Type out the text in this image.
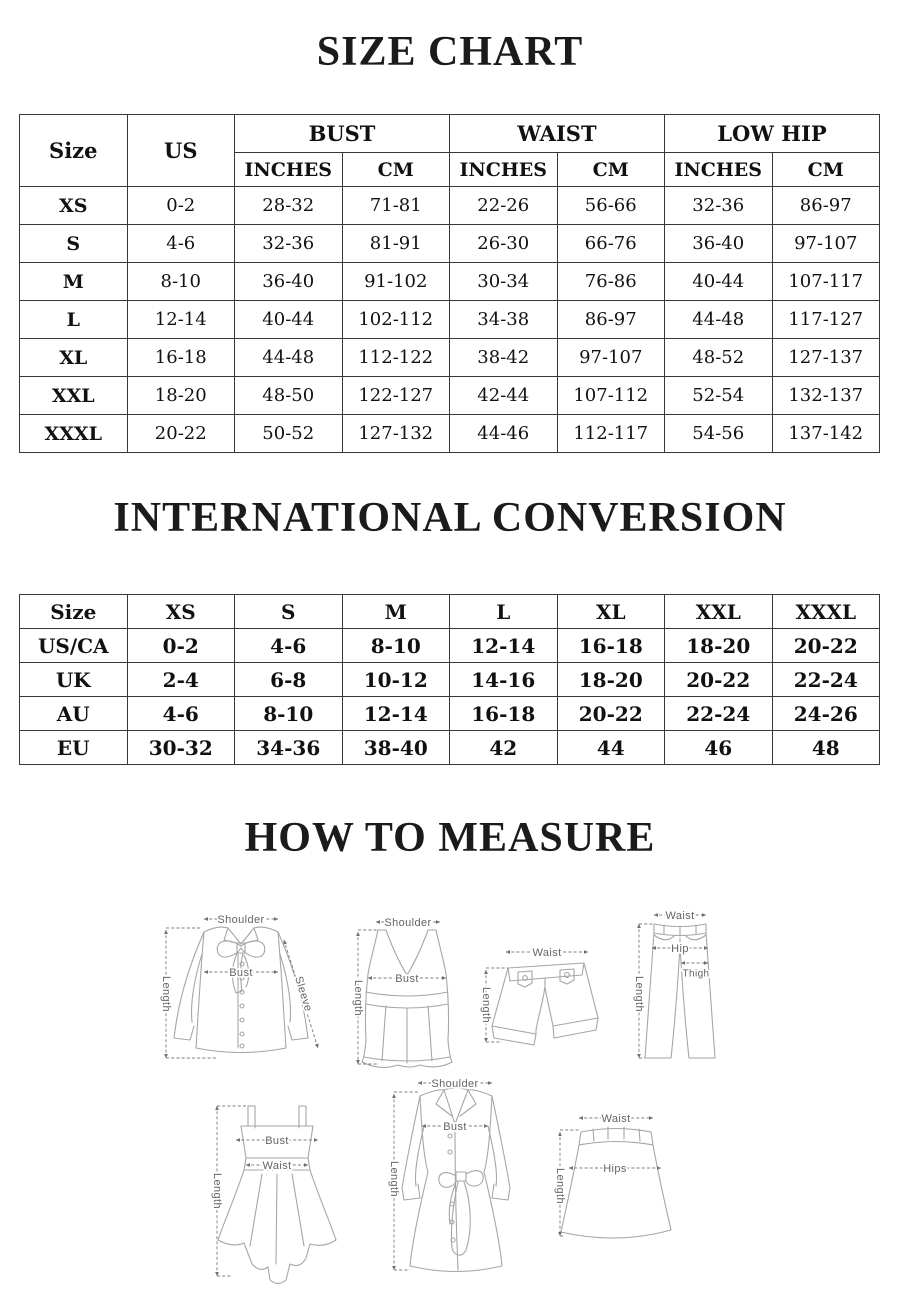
SIZE CHART
Size	US	BUST		WAIST		LOW HIP	
		INCHES	CM	INCHES	CM	INCHES	CM
XS	0-2	28-32	71-81	22-26	56-66	32-36	86-97
S	4-6	32-36	81-91	26-30	66-76	36-40	97-107
M	8-10	36-40	91-102	30-34	76-86	40-44	107-117
L	12-14	40-44	102-112	34-38	86-97	44-48	117-127
XL	16-18	44-48	112-122	38-42	97-107	48-52	127-137
XXL	18-20	48-50	122-127	42-44	107-112	52-54	132-137
XXXL	20-22	50-52	127-132	44-46	112-117	54-56	137-142
INTERNATIONAL CONVERSION
Size	XS	S	M	L	XL	XXL	XXXL
US/CA	0-2	4-6	8-10	12-14	16-18	18-20	20-22
UK	2-4	6-8	10-12	14-16	18-20	20-22	22-24
AU	4-6	8-10	12-14	16-18	20-22	22-24	24-26
EU	30-32	34-36	38-40	42	44	46	48
HOW TO MEASURE
Shoulder
Bust
Length	Sleeve
Shoulder
Bust
Length
Waist
Length
Waist
Hip
Thigh
Length
Bust
Waist
Length
Shoulder
Bust
Length
Waist
Hips
Length
